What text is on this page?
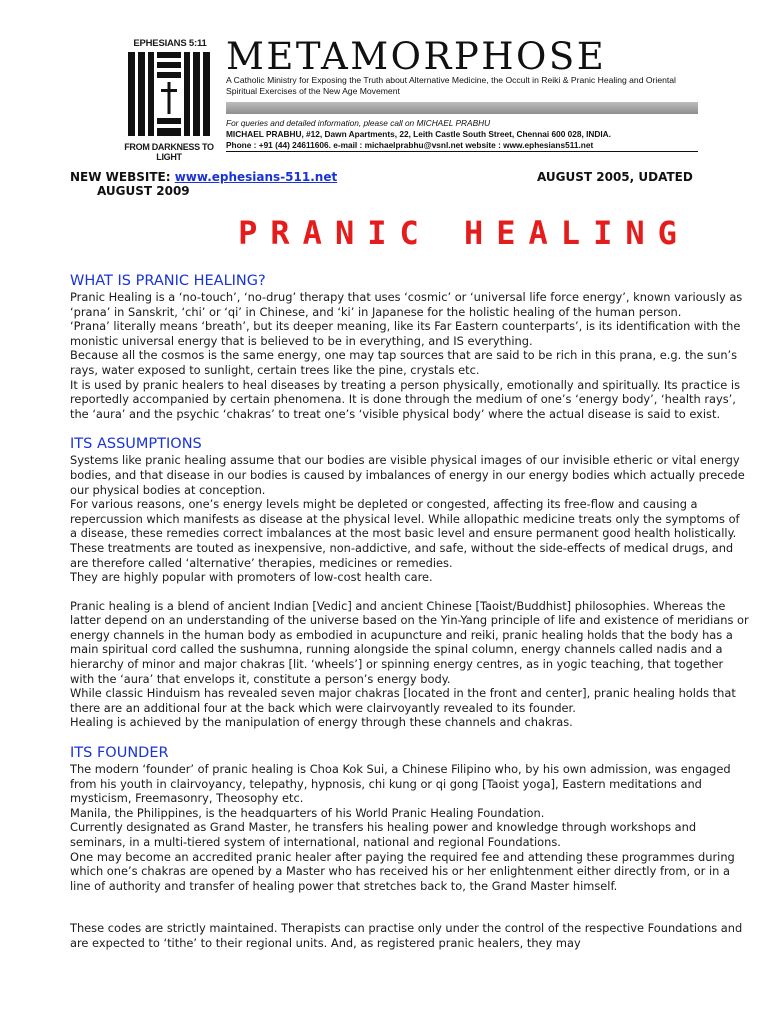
EPHESIANS 5:11
FROM DARKNESS TO LIGHT
METAMORPHOSE
A Catholic Ministry for Exposing the Truth about Alternative Medicine, the Occult in Reiki & Pranic Healing and Oriental Spiritual Exercises of the New Age Movement
For queries and detailed information, please call on MICHAEL PRABHU
MICHAEL PRABHU, #12, Dawn Apartments, 22, Leith Castle South Street, Chennai 600 028, INDIA.
Phone : +91 (44) 24611606. e-mail : michaelprabhu@vsnl.net website : www.ephesians511.net
NEW WEBSITE: www.ephesians-511.net
AUGUST 2009
AUGUST 2005, UDATED
PRANIC HEALING
WHAT IS PRANIC HEALING?

Pranic Healing is a ‘no-touch’, ‘no-drug’ therapy that uses ‘cosmic’ or ‘universal life force energy’, known variously as ‘prana’ in Sanskrit, ‘chi’ or ‘qi’ in Chinese, and ‘ki’ in Japanese for the holistic healing of the human person.

‘Prana’ literally means ‘breath’, but its deeper meaning, like its Far Eastern counterparts’, is its identification with the monistic universal energy that is believed to be in everything, and IS everything.

Because all the cosmos is the same energy, one may tap sources that are said to be rich in this prana, e.g. the sun’s rays, water exposed to sunlight, certain trees like the pine, crystals etc.

It is used by pranic healers to heal diseases by treating a person physically, emotionally and spiritually. Its practice is reportedly accompanied by certain phenomena. It is done through the medium of one’s ‘energy body’, ‘health rays’, the ‘aura’ and the psychic ‘chakras’ to treat one’s ‘visible physical body’ where the actual disease is said to exist.

ITS ASSUMPTIONS

Systems like pranic healing assume that our bodies are visible physical images of our invisible etheric or vital energy bodies, and that disease in our bodies is caused by imbalances of energy in our energy bodies which actually precede our physical bodies at conception.

For various reasons, one’s energy levels might be depleted or congested, affecting its free-flow and causing a repercussion which manifests as disease at the physical level. While allopathic medicine treats only the symptoms of a disease, these remedies correct imbalances at the most basic level and ensure permanent good health holistically.

These treatments are touted as inexpensive, non-addictive, and safe, without the side-effects of medical drugs, and are therefore called ‘alternative’ therapies, medicines or remedies.

They are highly popular with promoters of low-cost health care.

Pranic healing is a blend of ancient Indian [Vedic] and ancient Chinese [Taoist/Buddhist] philosophies. Whereas the latter depend on an understanding of the universe based on the Yin-Yang principle of life and existence of meridians or energy channels in the human body as embodied in acupuncture and reiki, pranic healing holds that the body has a main spiritual cord called the sushumna, running alongside the spinal column, energy channels called nadis and a hierarchy of minor and major chakras [lit. ‘wheels’] or spinning energy centres, as in yogic teaching, that together with the ‘aura’ that envelops it, constitute a person’s energy body.

While classic Hinduism has revealed seven major chakras [located in the front and center], pranic healing holds that there are an additional four at the back which were clairvoyantly revealed to its founder.

Healing is achieved by the manipulation of energy through these channels and chakras.

ITS FOUNDER

The modern ‘founder’ of pranic healing is Choa Kok Sui, a Chinese Filipino who, by his own admission, was engaged from his youth in clairvoyancy, telepathy, hypnosis, chi kung or qi gong [Taoist yoga], Eastern meditations and mysticism, Freemasonry, Theosophy etc.

Manila, the Philippines, is the headquarters of his World Pranic Healing Foundation.

Currently designated as Grand Master, he transfers his healing power and knowledge through workshops and seminars, in a multi-tiered system of international, national and regional Foundations.

One may become an accredited pranic healer after paying the required fee and attending these programmes during which one’s chakras are opened by a Master who has received his or her enlightenment either directly from, or in a line of authority and transfer of healing power that stretches back to, the Grand Master himself.

These codes are strictly maintained. Therapists can practise only under the control of the respective Foundations and are expected to ‘tithe’ to their regional units. And, as registered pranic healers, they may
